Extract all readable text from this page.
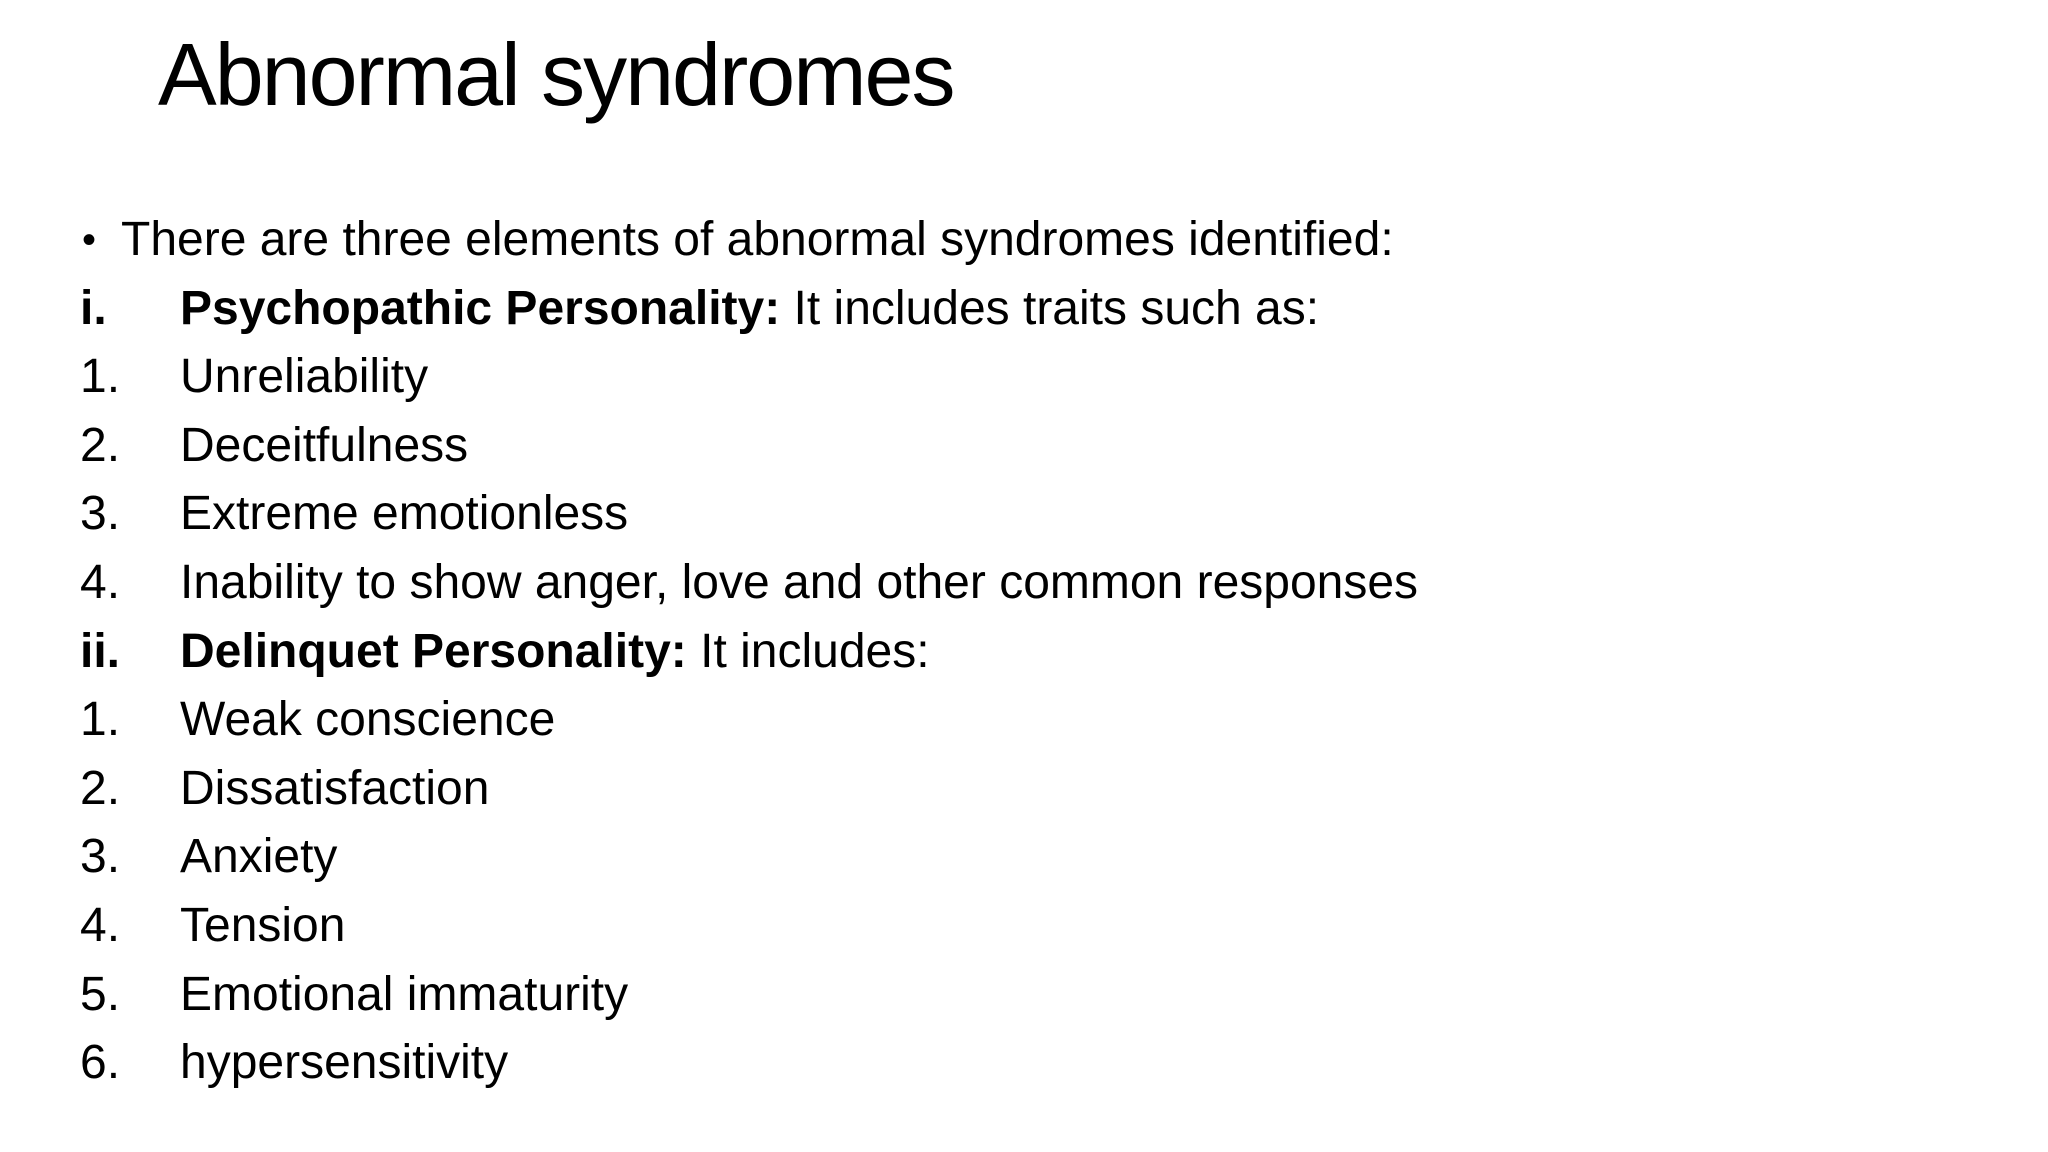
Abnormal syndromes
• There are three elements of abnormal syndromes identified:
i. Psychopathic Personality: It includes traits such as:
1. Unreliability
2. Deceitfulness
3. Extreme emotionless
4. Inability to show anger, love and other common responses
ii. Delinquet Personality: It includes:
1. Weak conscience
2. Dissatisfaction
3. Anxiety
4. Tension
5. Emotional immaturity
6. hypersensitivity
